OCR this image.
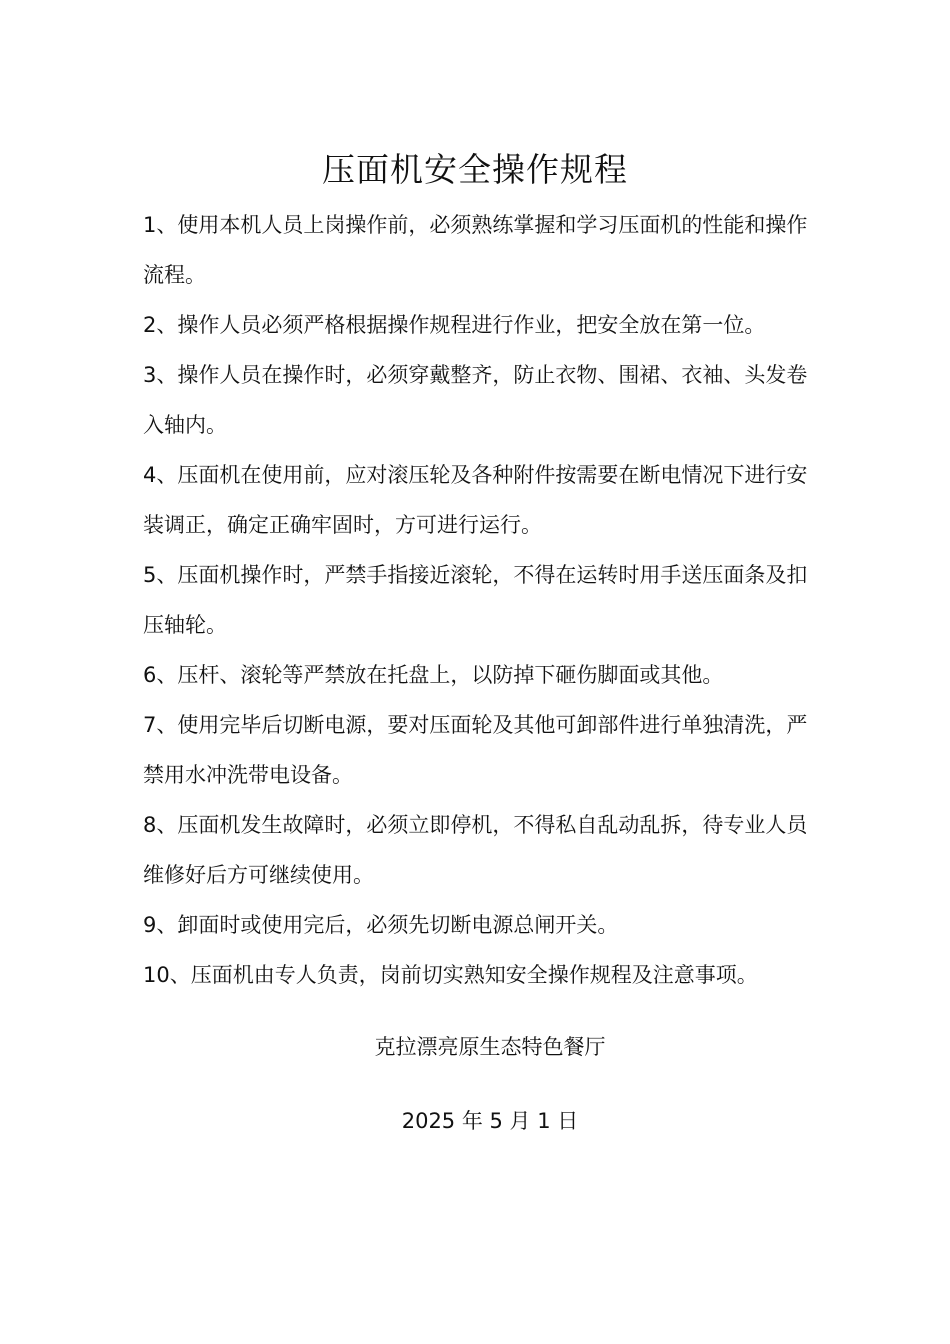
压面机安全操作规程
1、使用本机人员上岗操作前，必须熟练掌握和学习压面机的性能和操作流程。
2、操作人员必须严格根据操作规程进行作业，把安全放在第一位。
3、操作人员在操作时，必须穿戴整齐，防止衣物、围裙、衣袖、头发卷入轴内。
4、压面机在使用前，应对滚压轮及各种附件按需要在断电情况下进行安装调正，确定正确牢固时，方可进行运行。
5、压面机操作时，严禁手指接近滚轮，不得在运转时用手送压面条及扣压轴轮。
6、压杆、滚轮等严禁放在托盘上，以防掉下砸伤脚面或其他。
7、使用完毕后切断电源，要对压面轮及其他可卸部件进行单独清洗，严禁用水冲洗带电设备。
8、压面机发生故障时，必须立即停机，不得私自乱动乱拆，待专业人员维修好后方可继续使用。
9、卸面时或使用完后，必须先切断电源总闸开关。
10、压面机由专人负责，岗前切实熟知安全操作规程及注意事项。
克拉漂亮原生态特色餐厅
2025 年 5 月 1 日
